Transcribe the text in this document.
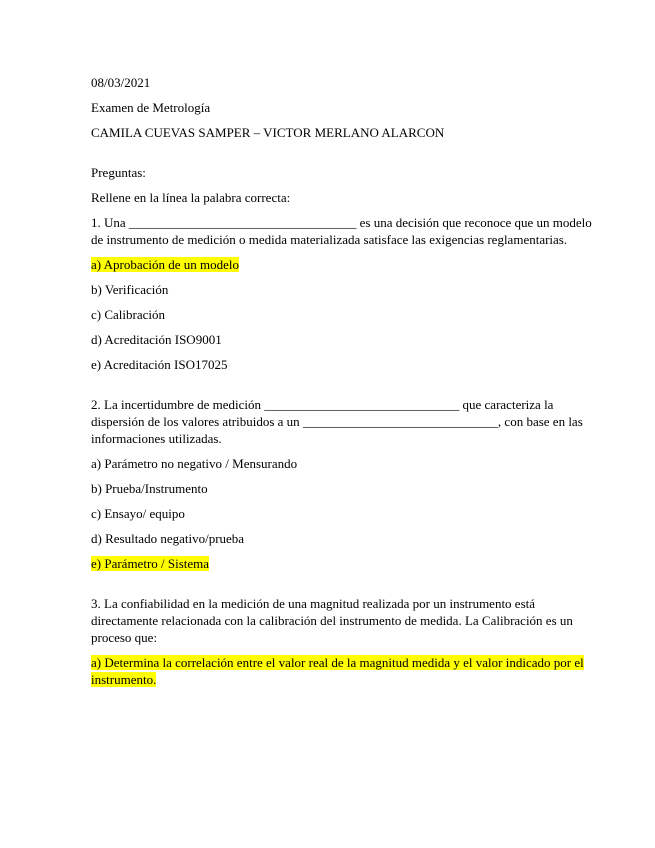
08/03/2021

Examen de Metrología

CAMILA CUEVAS SAMPER – VICTOR MERLANO ALARCON

Preguntas:

Rellene en la línea la palabra correcta:

1. Una ___________________________________ es una decisión que reconoce que un modelo de instrumento de medición o medida materializada satisface las exigencias reglamentarias.

a) Aprobación de un modelo

b) Verificación

c) Calibración

d) Acreditación ISO9001

e) Acreditación ISO17025

2. La incertidumbre de medición ______________________________ que caracteriza la dispersión de los valores atribuidos a un ______________________________, con base en las informaciones utilizadas.

a) Parámetro no negativo / Mensurando

b) Prueba/Instrumento

c) Ensayo/ equipo

d) Resultado negativo/prueba

e) Parámetro / Sistema

3. La confiabilidad en la medición de una magnitud realizada por un instrumento está directamente relacionada con la calibración del instrumento de medida. La Calibración es un proceso que:

a) Determina la correlación entre el valor real de la magnitud medida y el valor indicado por el instrumento.
